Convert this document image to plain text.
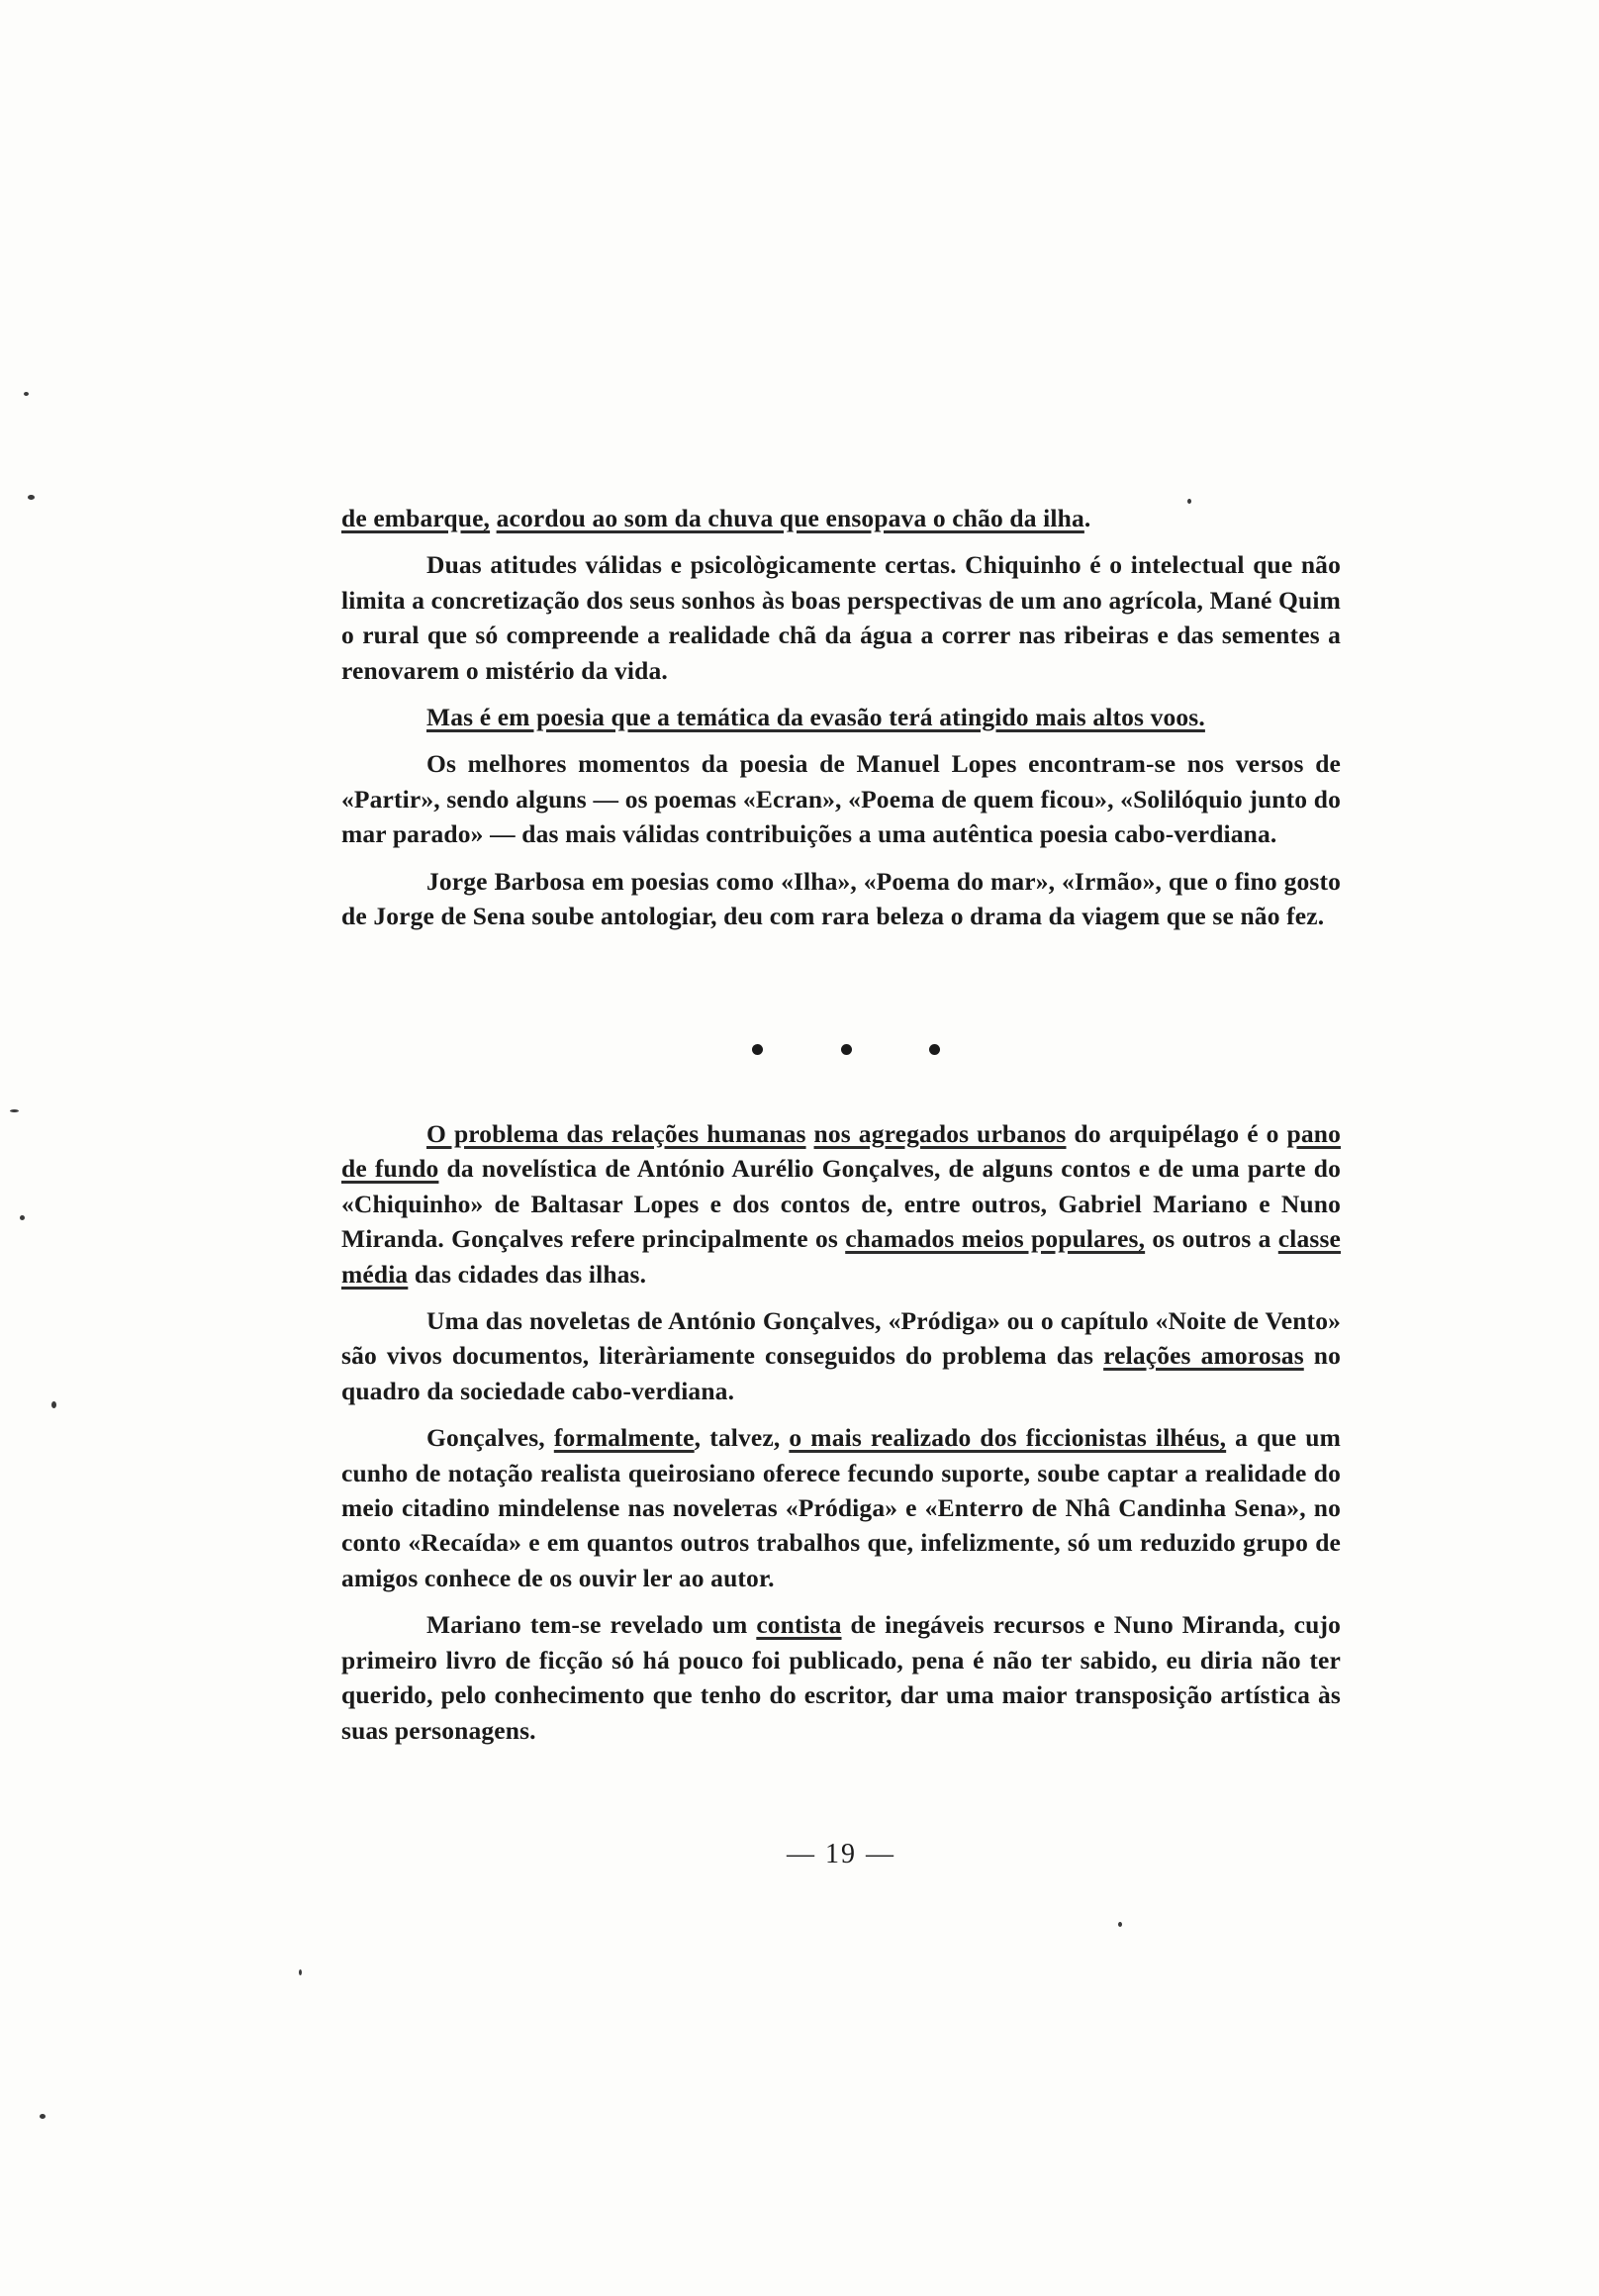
de embarque, acordou ao som da chuva que ensopava o chão da ilha.

Duas atitudes válidas e psicològicamente certas. Chiquinho é o intelectual que não limita a concretização dos seus sonhos às boas perspectivas de um ano agrícola, Mané Quim o rural que só compreende a realidade chã da água a correr nas ribeiras e das sementes a renovarem o mistério da vida.

Mas é em poesia que a temática da evasão terá atingido mais altos voos.

Os melhores momentos da poesia de Manuel Lopes encontram-se nos versos de «Partir», sendo alguns — os poemas «Ecran», «Poema de quem ficou», «Solilóquio junto do mar parado» — das mais válidas contribuições a uma autêntica poesia cabo-verdiana.

Jorge Barbosa em poesias como «Ilha», «Poema do mar», «Irmão», que o fino gosto de Jorge de Sena soube antologiar, deu com rara beleza o drama da viagem que se não fez.

O problema das relações humanas nos agregados urbanos do arquipélago é o pano de fundo da novelística de António Aurélio Gonçalves, de alguns contos e de uma parte do «Chiquinho» de Baltasar Lopes e dos contos de, entre outros, Gabriel Mariano e Nuno Miranda. Gonçalves refere principalmente os chamados meios populares, os outros a classe média das cidades das ilhas.

Uma das noveletas de António Gonçalves, «Pródiga» ou o capítulo «Noite de Vento» são vivos documentos, literàriamente conseguidos do problema das relações amorosas no quadro da sociedade cabo-verdiana.

Gonçalves, formalmente, talvez, o mais realizado dos ficcionistas ilhéus, a que um cunho de notação realista queirosiano oferece fecundo suporte, soube captar a realidade do meio citadino mindelense nas novelетas «Pródiga» e «Enterro de Nhâ Candinha Sena», no conto «Recaída» e em quantos outros trabalhos que, infelizmente, só um reduzido grupo de amigos conhece de os ouvir ler ao autor.

Mariano tem-se revelado um contista de inegáveis recursos e Nuno Miranda, cujo primeiro livro de ficção só há pouco foi publicado, pena é não ter sabido, eu diria não ter querido, pelo conhecimento que tenho do escritor, dar uma maior transposição artística às suas personagens.

— 19 —
